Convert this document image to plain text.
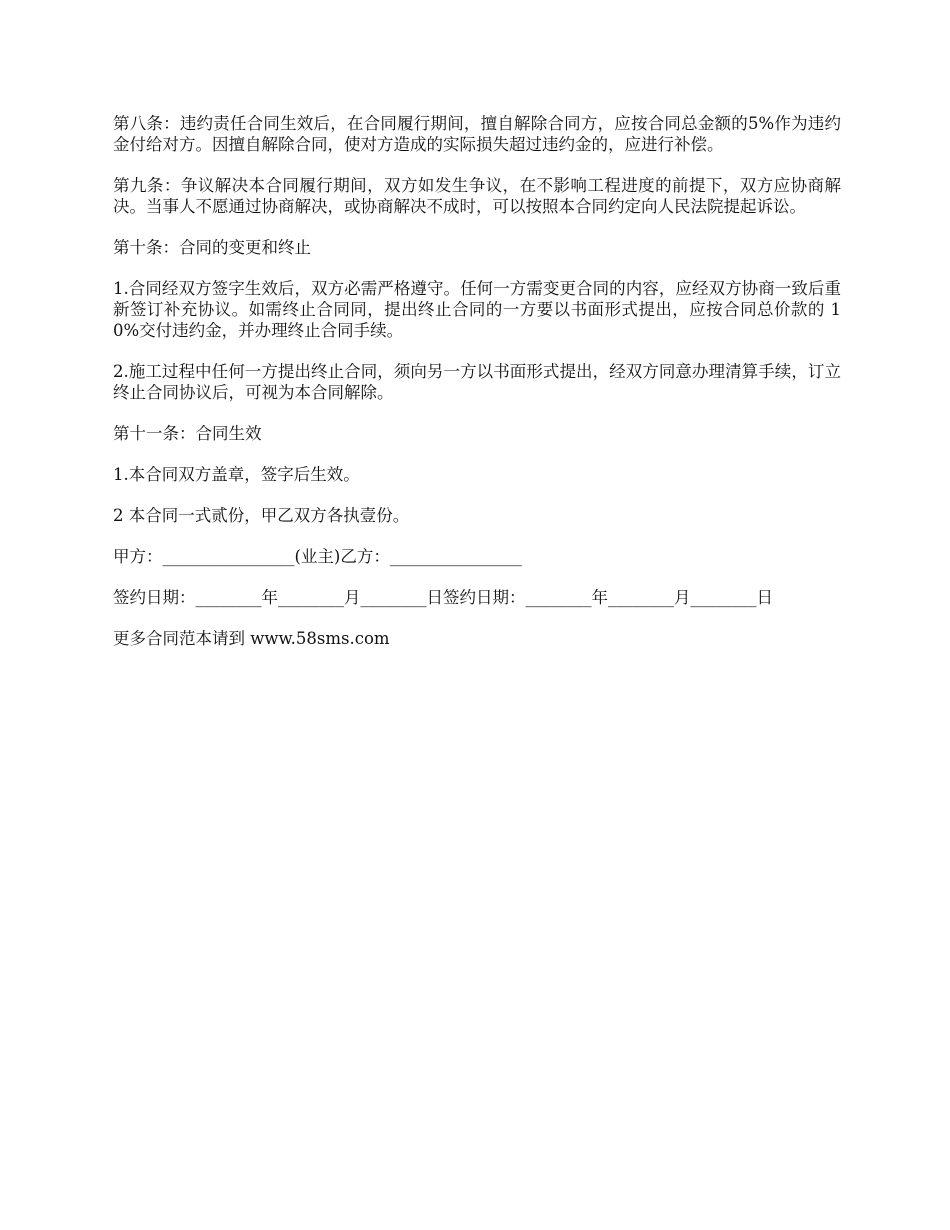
第八条：违约责任合同生效后，在合同履行期间，擅自解除合同方，应按合同总金额的5%作为违约金付给对方。因擅自解除合同，使对方造成的实际损失超过违约金的，应进行补偿。

第九条：争议解决本合同履行期间，双方如发生争议，在不影响工程进度的前提下，双方应协商解决。当事人不愿通过协商解决，或协商解决不成时，可以按照本合同约定向人民法院提起诉讼。

第十条：合同的变更和终止

1.合同经双方签字生效后，双方必需严格遵守。任何一方需变更合同的内容，应经双方协商一致后重新签订补充协议。如需终止合同同，提出终止合同的一方要以书面形式提出，应按合同总价款的 10%交付违约金，并办理终止合同手续。

2.施工过程中任何一方提出终止合同，须向另一方以书面形式提出，经双方同意办理清算手续，订立终止合同协议后，可视为本合同解除。

第十一条：合同生效

1.本合同双方盖章，签字后生效。

2 本合同一式贰份，甲乙双方各执壹份。

甲方：________________(业主)乙方：________________

签约日期：________年________月________日签约日期：________年________月________日

更多合同范本请到 www.58sms.com
